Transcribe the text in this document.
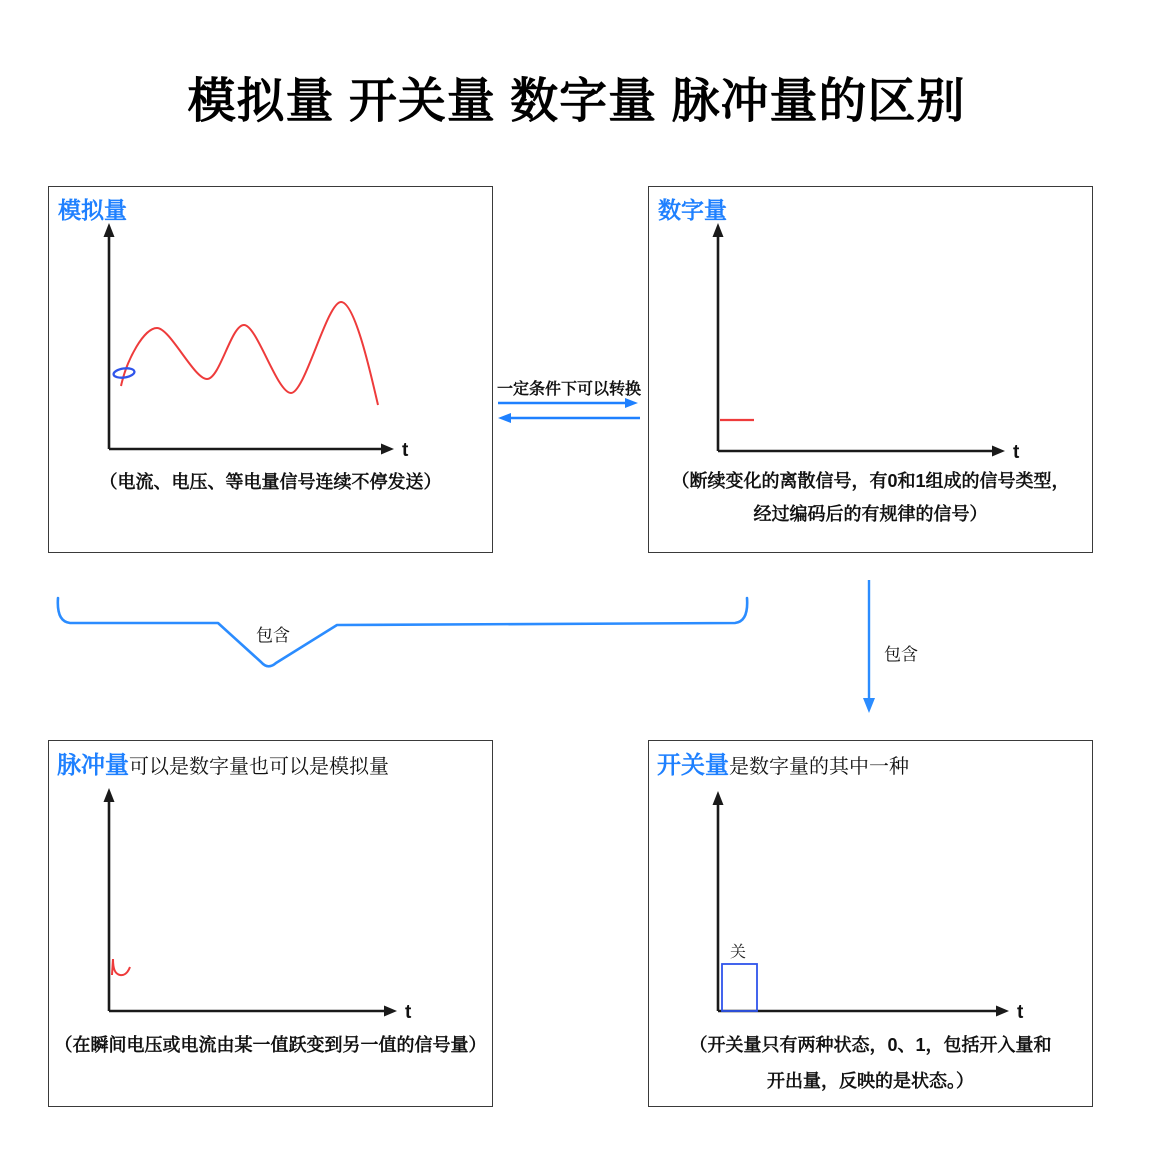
模拟量 开关量 数字量 脉冲量的区别
模拟量
t
（电流、电压、等电量信号连续不停发送）
数字量
t
（断续变化的离散信号，有0和1组成的信号类型，
经过编码后的有规律的信号）
脉冲量可以是数字量也可以是模拟量
t
（在瞬间电压或电流由某一值跃变到另一值的信号量）
开关量是数字量的其中一种
t
关
（开关量只有两种状态，0、1，包括开入量和
开出量，反映的是状态。）
一定条件下可以转换
包含
包含
